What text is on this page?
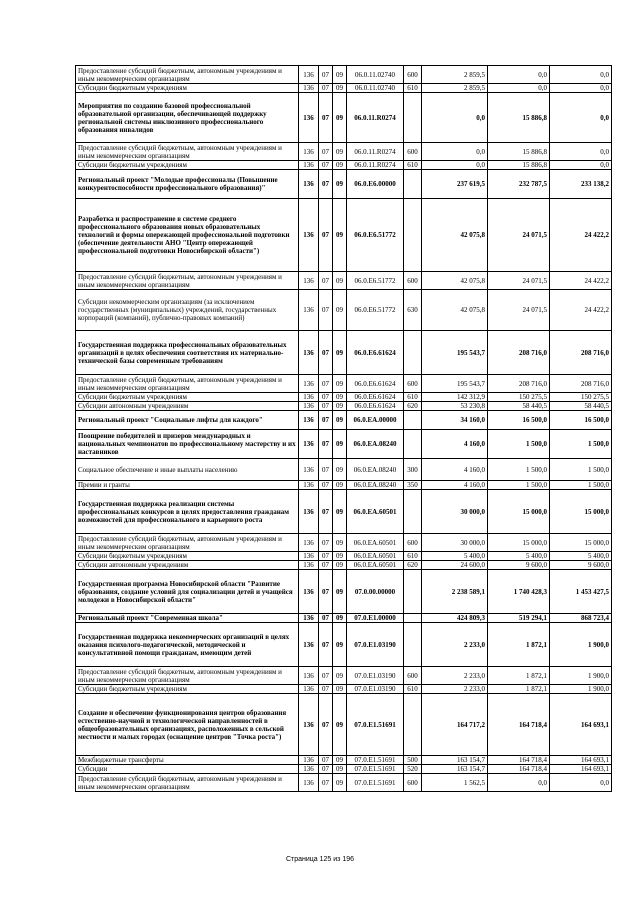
Предоставление субсидий бюджетным, автономным учреждениям и иным некоммерческим организациям	136	07	09	06.0.11.02740	600	2 859,5	0,0	0,0
Субсидии бюджетным учреждениям	136	07	09	06.0.11.02740	610	2 859,5	0,0	0,0
Мероприятия по созданию базовой профессиональной образовательной организации, обеспечивающей поддержку региональной системы инклюзивного профессионального образования инвалидов	136	07	09	06.0.11.R0274		0,0	15 886,8	0,0
Предоставление субсидий бюджетным, автономным учреждениям и иным некоммерческим организациям	136	07	09	06.0.11.R0274	600	0,0	15 886,8	0,0
Субсидии бюджетным учреждениям	136	07	09	06.0.11.R0274	610	0,0	15 886,8	0,0
Региональный проект "Молодые профессионалы (Повышение конкурентоспособности профессионального образования)"	136	07	09	06.0.E6.00000		237 619,5	232 787,5	233 138,2
Разработка и распространение в системе среднего профессионального образования новых образовательных технологий и формы опережающей профессиональной подготовки (обеспечение деятельности АНО "Центр опережающей профессиональной подготовки Новосибирской области")	136	07	09	06.0.E6.51772		42 075,8	24 071,5	24 422,2
Предоставление субсидий бюджетным, автономным учреждениям и иным некоммерческим организациям	136	07	09	06.0.E6.51772	600	42 075,8	24 071,5	24 422,2
Субсидии некоммерческим организациям (за исключением государственных (муниципальных) учреждений, государственных корпораций (компаний), публично-правовых компаний)	136	07	09	06.0.E6.51772	630	42 075,8	24 071,5	24 422,2
Государственная поддержка профессиональных образовательных организаций в целях обеспечения соответствия их материально-технической базы современным требованиям	136	07	09	06.0.E6.61624		195 543,7	208 716,0	208 716,0
Предоставление субсидий бюджетным, автономным учреждениям и иным некоммерческим организациям	136	07	09	06.0.E6.61624	600	195 543,7	208 716,0	208 716,0
Субсидии бюджетным учреждениям	136	07	09	06.0.E6.61624	610	142 312,9	150 275,5	150 275,5
Субсидии автономным учреждениям	136	07	09	06.0.E6.61624	620	53 230,8	58 440,5	58 440,5
Региональный проект "Социальные лифты для каждого"	136	07	09	06.0.EA.00000		34 160,0	16 500,0	16 500,0
Поощрение победителей и призеров международных и национальных чемпионатов по профессиональному мастерству и их наставников	136	07	09	06.0.EA.08240		4 160,0	1 500,0	1 500,0
Социальное обеспечение и иные выплаты населению	136	07	09	06.0.EA.08240	300	4 160,0	1 500,0	1 500,0
Премии и гранты	136	07	09	06.0.EA.08240	350	4 160,0	1 500,0	1 500,0
Государственная поддержка реализации системы профессиональных конкурсов в целях предоставления гражданам возможностей для профессионального и карьерного роста	136	07	09	06.0.EA.60501		30 000,0	15 000,0	15 000,0
Предоставление субсидий бюджетным, автономным учреждениям и иным некоммерческим организациям	136	07	09	06.0.EA.60501	600	30 000,0	15 000,0	15 000,0
Субсидии бюджетным учреждениям	136	07	09	06.0.EA.60501	610	5 400,0	5 400,0	5 400,0
Субсидии автономным учреждениям	136	07	09	06.0.EA.60501	620	24 600,0	9 600,0	9 600,0
Государственная программа Новосибирской области "Развитие образования, создание условий для социализации детей и учащейся молодежи в Новосибирской области"	136	07	09	07.0.00.00000		2 238 589,1	1 740 428,3	1 453 427,5
Региональный проект "Современная школа"	136	07	09	07.0.E1.00000		424 809,3	519 294,1	868 723,4
Государственная поддержка некоммерческих организаций в целях оказания психолого-педагогической, методической и консультативной помощи гражданам, имеющим детей	136	07	09	07.0.E1.03190		2 233,0	1 872,1	1 900,0
Предоставление субсидий бюджетным, автономным учреждениям и иным некоммерческим организациям	136	07	09	07.0.E1.03190	600	2 233,0	1 872,1	1 900,0
Субсидии бюджетным учреждениям	136	07	09	07.0.E1.03190	610	2 233,0	1 872,1	1 900,0
Создание и обеспечение функционирования центров образования естественно-научной и технологической направленностей в общеобразовательных организациях, расположенных в сельской местности и малых городах (оснащение центров "Точка роста")	136	07	09	07.0.E1.51691		164 717,2	164 718,4	164 693,1
Межбюджетные трансферты	136	07	09	07.0.E1.51691	500	163 154,7	164 718,4	164 693,1
Субсидии	136	07	09	07.0.E1.51691	520	163 154,7	164 718,4	164 693,1
Предоставление субсидий бюджетным, автономным учреждениям и иным некоммерческим организациям	136	07	09	07.0.E1.51691	600	1 562,5	0,0	0,0
Страница 125 из 196
